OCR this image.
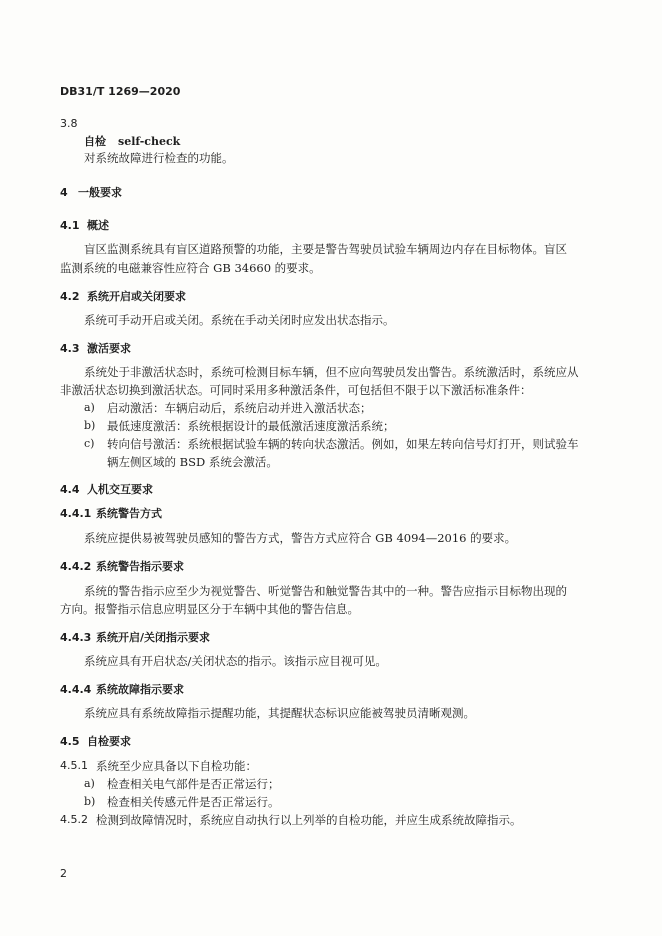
DB31/T 1269—2020
3.8
自检 self-check
对系统故障进行检查的功能。
4 一般要求
4.1 概述
盲区监测系统具有盲区道路预警的功能，主要是警告驾驶员试验车辆周边内存在目标物体。盲区
监测系统的电磁兼容性应符合 GB 34660 的要求。
4.2 系统开启或关闭要求
系统可手动开启或关闭。系统在手动关闭时应发出状态指示。
4.3 激活要求
系统处于非激活状态时，系统可检测目标车辆，但不应向驾驶员发出警告。系统激活时，系统应从
非激活状态切换到激活状态。可同时采用多种激活条件，可包括但不限于以下激活标准条件：
a) 启动激活：车辆启动后，系统启动并进入激活状态；
b) 最低速度激活：系统根据设计的最低激活速度激活系统；
c) 转向信号激活：系统根据试验车辆的转向状态激活。例如，如果左转向信号灯打开，则试验车
辆左侧区域的 BSD 系统会激活。
4.4 人机交互要求
4.4.1 系统警告方式
系统应提供易被驾驶员感知的警告方式，警告方式应符合 GB 4094—2016 的要求。
4.4.2 系统警告指示要求
系统的警告指示应至少为视觉警告、听觉警告和触觉警告其中的一种。警告应指示目标物出现的
方向。报警指示信息应明显区分于车辆中其他的警告信息。
4.4.3 系统开启/关闭指示要求
系统应具有开启状态/关闭状态的指示。该指示应目视可见。
4.4.4 系统故障指示要求
系统应具有系统故障指示提醒功能，其提醒状态标识应能被驾驶员清晰观测。
4.5 自检要求
4.5.1 系统至少应具备以下自检功能：
a) 检查相关电气部件是否正常运行；
b) 检查相关传感元件是否正常运行。
4.5.2 检测到故障情况时，系统应自动执行以上列举的自检功能，并应生成系统故障指示。
2
